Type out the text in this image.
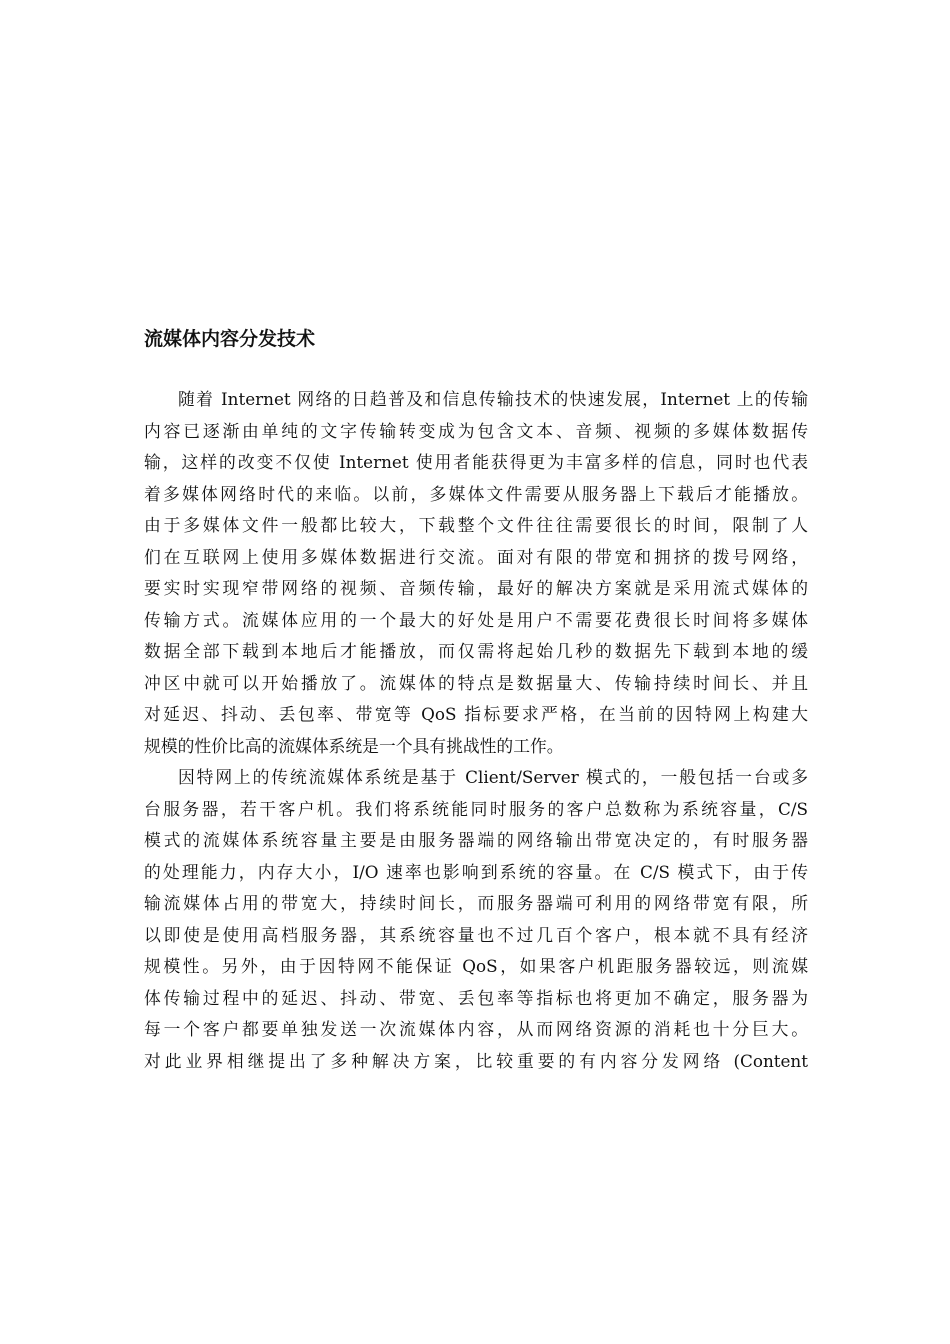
流媒体内容分发技术
随着 Internet 网络的日趋普及和信息传输技术的快速发展，Internet 上的传输
内容已逐渐由单纯的文字传输转变成为包含文本、音频、视频的多媒体数据传
输，这样的改变不仅使 Internet 使用者能获得更为丰富多样的信息，同时也代表
着多媒体网络时代的来临。以前，多媒体文件需要从服务器上下载后才能播放。
由于多媒体文件一般都比较大，下载整个文件往往需要很长的时间，限制了人
们在互联网上使用多媒体数据进行交流。面对有限的带宽和拥挤的拨号网络，
要实时实现窄带网络的视频、音频传输，最好的解决方案就是采用流式媒体的
传输方式。流媒体应用的一个最大的好处是用户不需要花费很长时间将多媒体
数据全部下载到本地后才能播放，而仅需将起始几秒的数据先下载到本地的缓
冲区中就可以开始播放了。流媒体的特点是数据量大、传输持续时间长、并且
对延迟、抖动、丢包率、带宽等 QoS 指标要求严格，在当前的因特网上构建大
规模的性价比高的流媒体系统是一个具有挑战性的工作。
因特网上的传统流媒体系统是基于 Client/Server 模式的，一般包括一台或多
台服务器，若干客户机。我们将系统能同时服务的客户总数称为系统容量，C/S
模式的流媒体系统容量主要是由服务器端的网络输出带宽决定的，有时服务器
的处理能力，内存大小，I/O 速率也影响到系统的容量。在 C/S 模式下，由于传
输流媒体占用的带宽大，持续时间长，而服务器端可利用的网络带宽有限，所
以即使是使用高档服务器，其系统容量也不过几百个客户，根本就不具有经济
规模性。另外，由于因特网不能保证 QoS，如果客户机距服务器较远，则流媒
体传输过程中的延迟、抖动、带宽、丢包率等指标也将更加不确定，服务器为
每一个客户都要单独发送一次流媒体内容，从而网络资源的消耗也十分巨大。
对此业界相继提出了多种解决方案，比较重要的有内容分发网络 (Content
